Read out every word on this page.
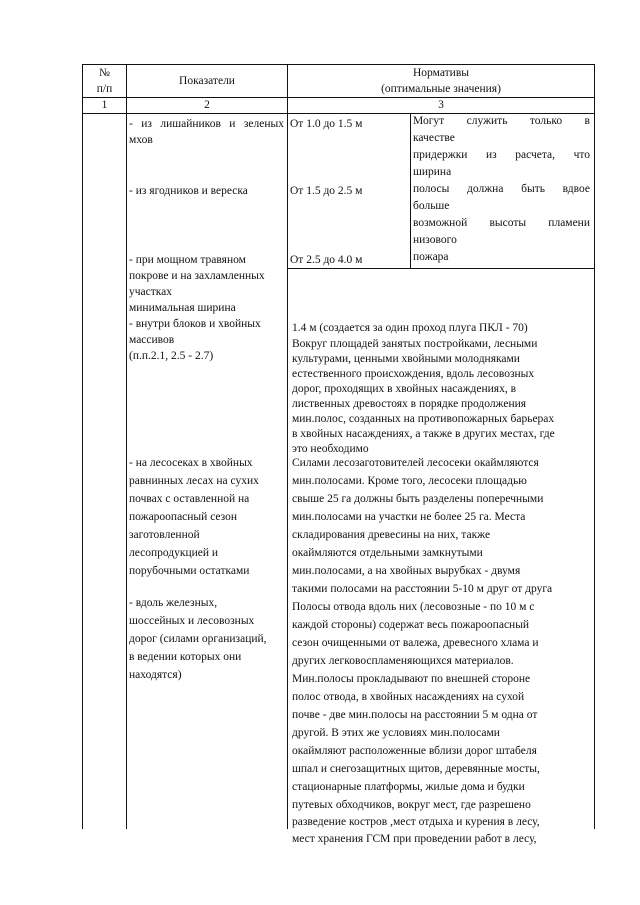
№
п/п
Показатели
Нормативы
(оптимальные значения)
1	2	3
- из лишайников и зеленых
мхов
- из ягодников и вереска
- при мощном травяном
покрове и на захламленных
участках
минимальная ширина
- внутри блоков и хвойных
массивов
(п.п.2.1, 2.5 - 2.7)
- на лесосеках в хвойных
равнинных лесах на сухих
почвах с оставленной на
пожароопасный сезон
заготовленной
лесопродукцией и
порубочными остатками
- вдоль железных,
шоссейных и лесовозных
дорог (силами организаций,
в ведении которых они
находятся)
От 1.0 до 1.5 м
От 1.5 до 2.5 м
От 2.5 до 4.0 м
Могут служить только в
качестве
придержки из расчета, что
ширина
полосы должна быть вдвое
больше
возможной высоты пламени
низового
пожара
1.4 м (создается за один проход плуга ПКЛ - 70)
Вокруг площадей занятых постройками, лесными
культурами, ценными хвойными молодняками
естественного происхождения, вдоль лесовозных
дорог, проходящих в хвойных насаждениях, в
лиственных древостоях в порядке продолжения
мин.полос, созданных на противопожарных барьерах
в хвойных насаждениях, а также в других местах, где
это необходимо
Силами лесозаготовителей лесосеки окаймляются
мин.полосами. Кроме того, лесосеки площадью
свыше 25 га должны быть разделены поперечными
мин.полосами на участки не более 25 га. Места
складирования древесины на них, также
окаймляются отдельными замкнутыми
мин.полосами, а на хвойных вырубках - двумя
такими полосами на расстоянии 5-10 м друг от друга
Полосы отвода вдоль них (лесовозные - по 10 м с
каждой стороны) содержат весь пожароопасный
сезон очищенными от валежа, древесного хлама и
других легковоспламеняющихся материалов.
Мин.полосы прокладывают по внешней стороне
полос отвода, в хвойных насаждениях на сухой
почве - две мин.полосы на расстоянии 5 м одна от
другой. В этих же условиях мин.полосами
окаймляют расположенные вблизи дорог штабеля
шпал и снегозащитных щитов, деревянные мосты,
стационарные платформы, жилые дома и будки
путевых обходчиков, вокруг мест, где разрешено
разведение костров ,мест отдыха и курения в лесу,
мест хранения ГСМ при проведении работ в лесу,
